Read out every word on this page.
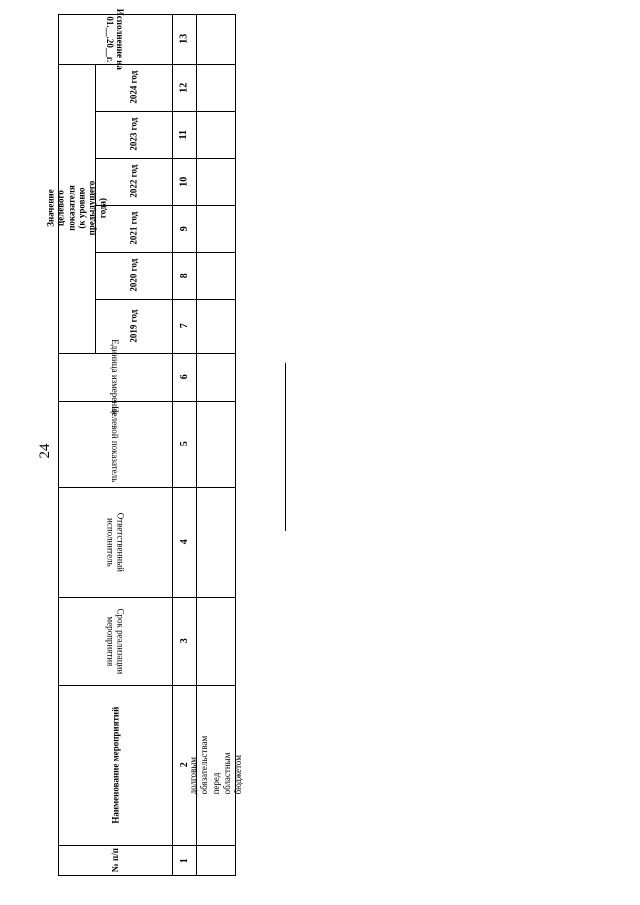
24
Исполнение на
01.__.20__г.
Значение целевого показателя (к уровню предыдущего года)
2024 год
2023 год
2022 год
2021 год
2020 год
2019 год
Единица измерения
Целевой показатель
Ответственный исполнитель
Срок реализации мероприятия
Наименование мероприятий
№ п/п
13
12
11
10
9
8
7
6
5
4
3
2
1
долговым обязательствам перед областным бюджетом
